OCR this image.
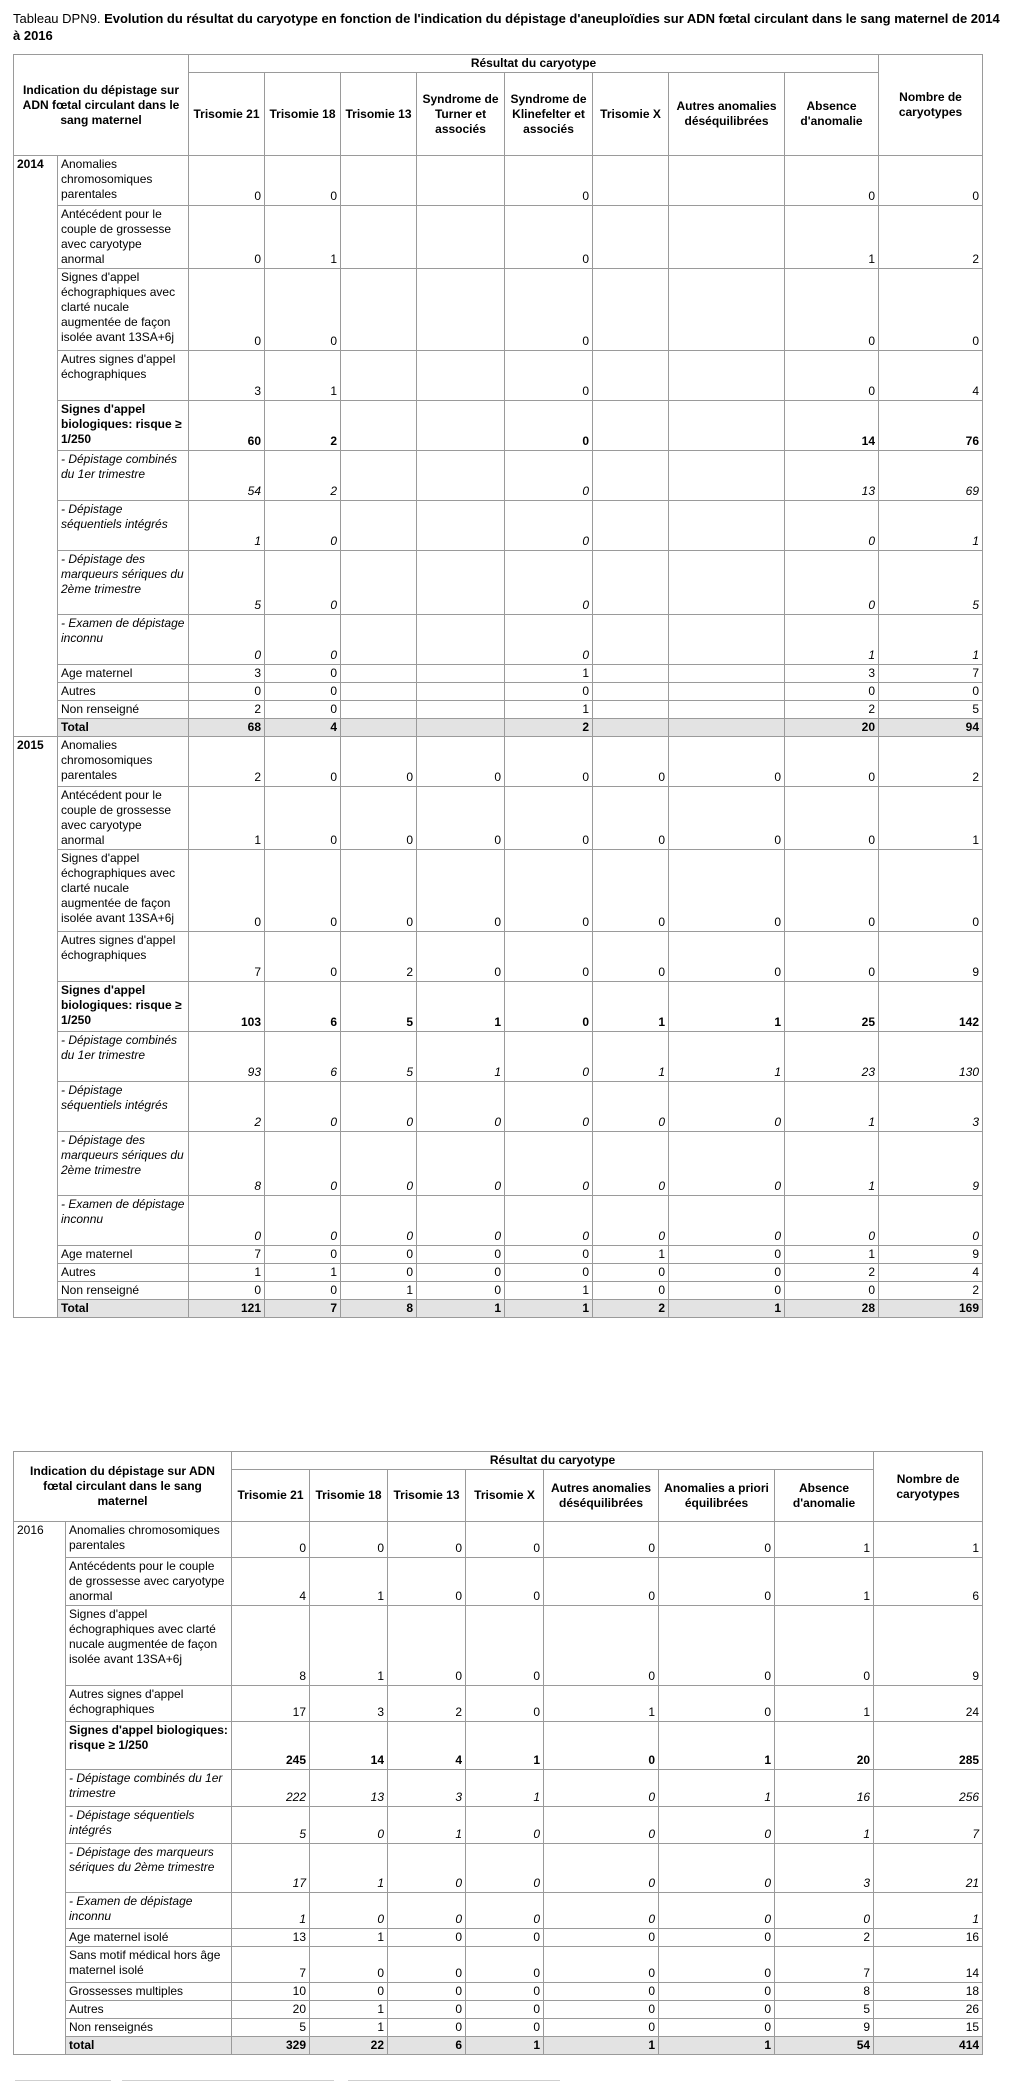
Tableau DPN9. Evolution du résultat du caryotype en fonction de l'indication du dépistage d'aneuploïdies sur ADN fœtal circulant dans le sang maternel de 2014 à 2016
Indication du dépistage sur ADN fœtal circulant dans le sang maternel		Résultat du caryotype								Nombre de caryotypes
		Trisomie 21	Trisomie 18	Trisomie 13	Syndrome de Turner et associés	Syndrome de Klinefelter et associés	Trisomie X	Autres anomalies déséquilibrées	Absence d'anomalie	
2014	Anomalies chromosomiques parentales	0	0			0			0	0
	Antécédent pour le couple de grossesse avec caryotype anormal	0	1			0			1	2
	Signes d'appel échographiques avec clarté nucale augmentée de façon isolée avant 13SA+6j	0	0			0			0	0
	Autres signes d'appel échographiques	3	1			0			0	4
	Signes d'appel biologiques: risque ≥ 1/250	60	2			0			14	76
	- Dépistage combinés du 1er trimestre	54	2			0			13	69
	- Dépistage séquentiels intégrés	1	0			0			0	1
	- Dépistage des marqueurs sériques du 2ème trimestre	5	0			0			0	5
	- Examen de dépistage inconnu	0	0			0			1	1
	Age maternel	3	0			1			3	7
	Autres	0	0			0			0	0
	Non renseigné	2	0			1			2	5
	Total	68	4			2			20	94
2015	Anomalies chromosomiques parentales	2	0	0	0	0	0	0	0	2
	Antécédent pour le couple de grossesse avec caryotype anormal	1	0	0	0	0	0	0	0	1
	Signes d'appel échographiques avec clarté nucale augmentée de façon isolée avant 13SA+6j	0	0	0	0	0	0	0	0	0
	Autres signes d'appel échographiques	7	0	2	0	0	0	0	0	9
	Signes d'appel biologiques: risque ≥ 1/250	103	6	5	1	0	1	1	25	142
	- Dépistage combinés du 1er trimestre	93	6	5	1	0	1	1	23	130
	- Dépistage séquentiels intégrés	2	0	0	0	0	0	0	1	3
	- Dépistage des marqueurs sériques du 2ème trimestre	8	0	0	0	0	0	0	1	9
	- Examen de dépistage inconnu	0	0	0	0	0	0	0	0	0
	Age maternel	7	0	0	0	0	1	0	1	9
	Autres	1	1	0	0	0	0	0	2	4
	Non renseigné	0	0	1	0	1	0	0	0	2
	Total	121	7	8	1	1	2	1	28	169
Indication du dépistage sur ADN fœtal circulant dans le sang maternel		Résultat du caryotype							Nombre de caryotypes
		Trisomie 21	Trisomie 18	Trisomie 13	Trisomie X	Autres anomalies déséquilibrées	Anomalies a priori équilibrées	Absence d'anomalie	
2016	Anomalies chromosomiques parentales	0	0	0	0	0	0	1	1
	Antécédents pour le couple de grossesse avec caryotype anormal	4	1	0	0	0	0	1	6
	Signes d'appel échographiques avec clarté nucale augmentée de façon isolée avant 13SA+6j	8	1	0	0	0	0	0	9
	Autres signes d'appel échographiques	17	3	2	0	1	0	1	24
	Signes d'appel biologiques: risque ≥ 1/250	245	14	4	1	0	1	20	285
	- Dépistage combinés du 1er trimestre	222	13	3	1	0	1	16	256
	- Dépistage séquentiels intégrés	5	0	1	0	0	0	1	7
	- Dépistage des marqueurs sériques du 2ème trimestre	17	1	0	0	0	0	3	21
	- Examen de dépistage inconnu	1	0	0	0	0	0	0	1
	Age maternel isolé	13	1	0	0	0	0	2	16
	Sans motif médical hors âge maternel isolé	7	0	0	0	0	0	7	14
	Grossesses multiples	10	0	0	0	0	0	8	18
	Autres	20	1	0	0	0	0	5	26
	Non renseignés	5	1	0	0	0	0	9	15
	total	329	22	6	1	1	1	54	414
